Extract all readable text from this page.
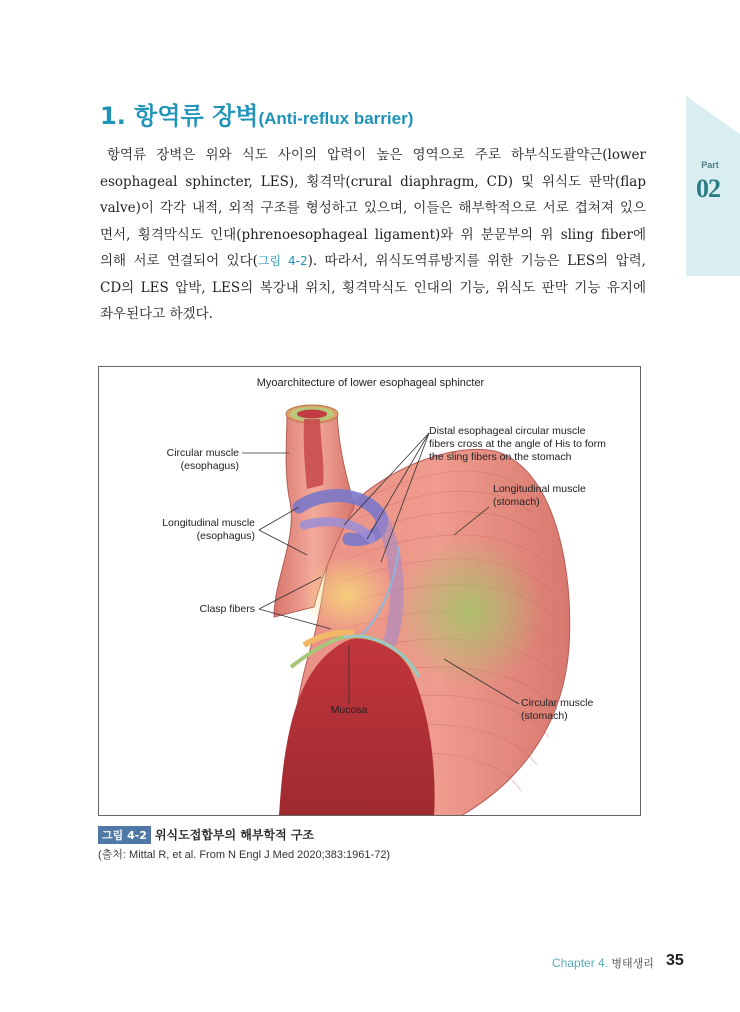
Part
02
1. 항역류 장벽(Anti-reflux barrier)
항역류 장벽은 위와 식도 사이의 압력이 높은 영역으로 주로 하부식도괄약근(lower
esophageal sphincter, LES), 횡격막(crural diaphragm, CD) 및 위식도 판막(flap
valve)이 각각 내적, 외적 구조를 형성하고 있으며, 이들은 해부학적으로 서로 겹쳐져 있으
면서, 횡격막식도 인대(phrenoesophageal ligament)와 위 분문부의 위 sling fiber에
의해 서로 연결되어 있다(그림 4-2). 따라서, 위식도역류방지를 위한 기능은 LES의 압력,
CD의 LES 압박, LES의 복강내 위치, 횡격막식도 인대의 기능, 위식도 판막 기능 유지에
좌우된다고 하겠다.
Myoarchitecture of lower esophageal sphincter
Circular muscle
(esophagus)
Distal esophageal circular muscle
fibers cross at the angle of His to form
the sling fibers on the stomach
Longitudinal muscle
(stomach)
Longitudinal muscle
(esophagus)
Clasp fibers
Mucosa
Circular muscle
(stomach)
그림 4-2 위식도접합부의 해부학적 구조
(출처: Mittal R, et al. From N Engl J Med 2020;383:1961-72)
Chapter 4. 병태생리 35
